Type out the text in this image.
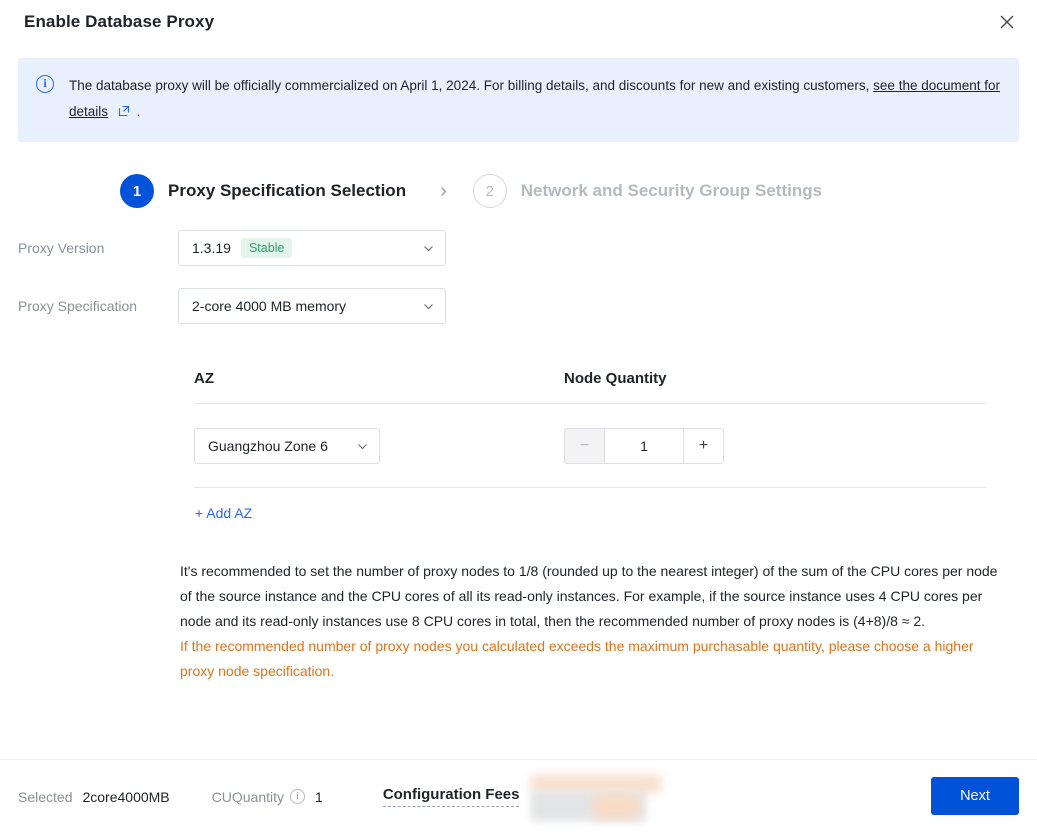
Enable Database Proxy
i	The database proxy will be officially commercialized on April 1, 2024. For billing details, and discounts for new and existing customers, see the document for details .
1	Proxy Specification Selection ›	2	Network and Security Group Settings
Proxy Version	1.3.19	Stable
Proxy Specification	2-core 4000 MB memory
AZ	Node Quantity
Guangzhou Zone 6	−	1	+
+ Add AZ
It's recommended to set the number of proxy nodes to 1/8 (rounded up to the nearest integer) of the sum of the CPU cores per node of the source instance and the CPU cores of all its read-only instances. For example, if the source instance uses 4 CPU cores per node and its read-only instances use 8 CPU cores in total, then the recommended number of proxy nodes is (4+8)/8 ≈ 2.
If the recommended number of proxy nodes you calculated exceeds the maximum purchasable quantity, please choose a higher proxy node specification.
Selected 2core4000MB	CUQuantity	i	1	Configuration Fees	Next
